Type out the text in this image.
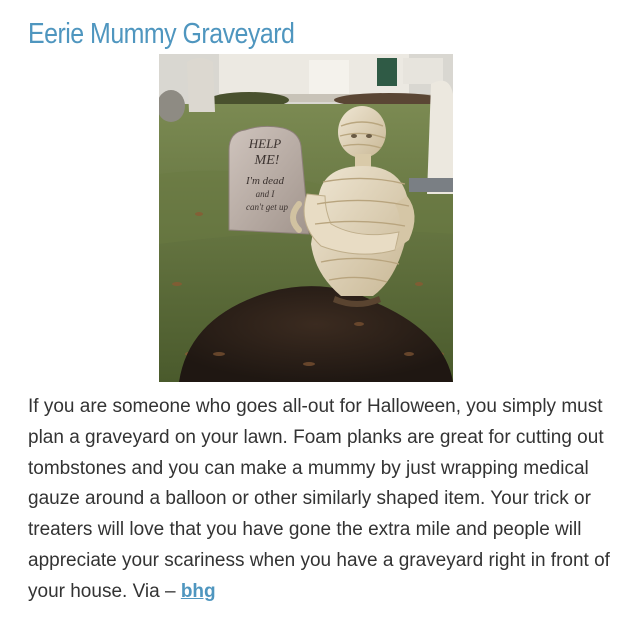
Eerie Mummy Graveyard
HELP
ME!
I'm dead
and I
can't get up

If you are someone who goes all-out for Halloween, you simply must plan a graveyard on your lawn. Foam planks are great for cutting out tombstones and you can make a mummy by just wrapping medical gauze around a balloon or other similarly shaped item. Your trick or treaters will love that you have gone the extra mile and people will appreciate your scariness when you have a graveyard right in front of your house. Via – bhg
